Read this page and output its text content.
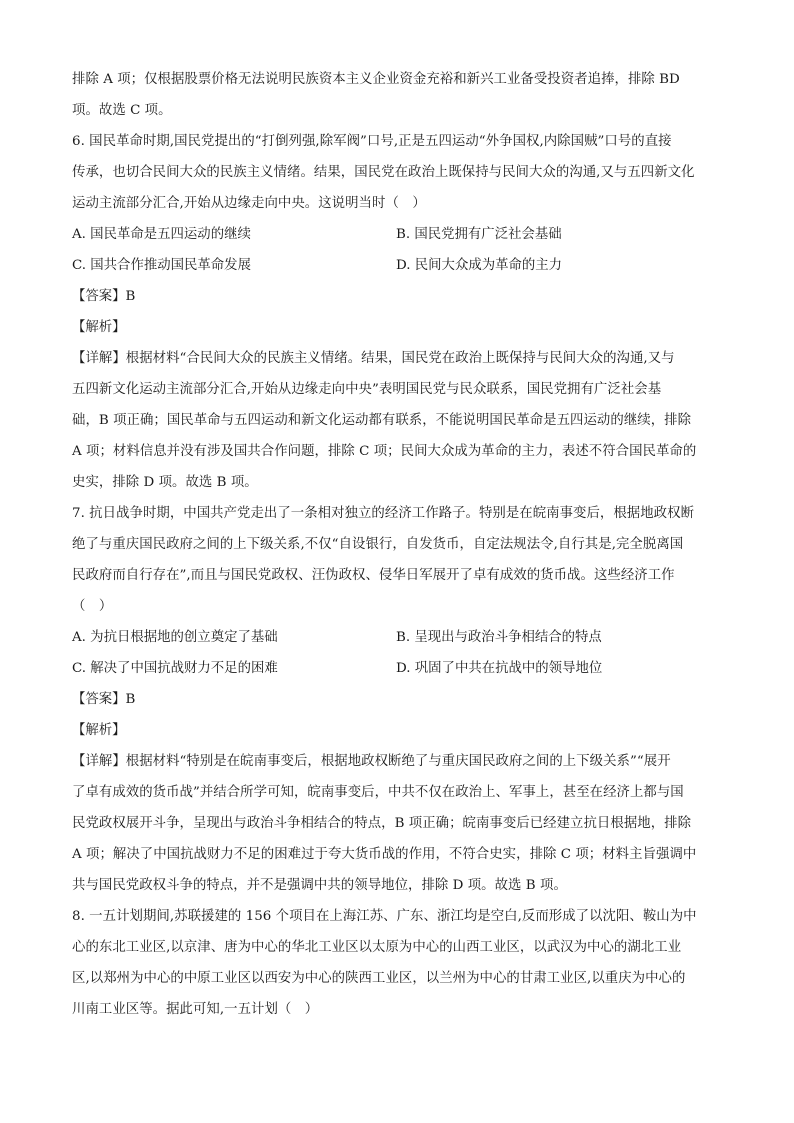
排除 A 项；仅根据股票价格无法说明民族资本主义企业资金充裕和新兴工业备受投资者追捧，排除 BD
项。故选 C 项。
6. 国民革命时期,国民党提出的“打倒列强,除军阀”口号,正是五四运动“外争国权,内除国贼”口号的直接
传承，也切合民间大众的民族主义情绪。结果，国民党在政治上既保持与民间大众的沟通,又与五四新文化
运动主流部分汇合,开始从边缘走向中央。这说明当时（　）
A. 国民革命是五四运动的继续	B. 国民党拥有广泛社会基础
C. 国共合作推动国民革命发展	D. 民间大众成为革命的主力
【答案】B
【解析】
【详解】根据材料“合民间大众的民族主义情绪。结果，国民党在政治上既保持与民间大众的沟通,又与
五四新文化运动主流部分汇合,开始从边缘走向中央”表明国民党与民众联系，国民党拥有广泛社会基
础，B 项正确；国民革命与五四运动和新文化运动都有联系，不能说明国民革命是五四运动的继续，排除
A 项；材料信息并没有涉及国共合作问题，排除 C 项；民间大众成为革命的主力，表述不符合国民革命的
史实，排除 D 项。故选 B 项。
7. 抗日战争时期，中国共产党走出了一条相对独立的经济工作路子。特别是在皖南事变后，根据地政权断
绝了与重庆国民政府之间的上下级关系,不仅“自设银行，自发货币，自定法规法令,自行其是,完全脱离国
民政府而自行存在”,而且与国民党政权、汪伪政权、侵华日军展开了卓有成效的货币战。这些经济工作
（　）
A. 为抗日根据地的创立奠定了基础	B. 呈现出与政治斗争相结合的特点
C. 解决了中国抗战财力不足的困难	D. 巩固了中共在抗战中的领导地位
【答案】B
【解析】
【详解】根据材料“特别是在皖南事变后，根据地政权断绝了与重庆国民政府之间的上下级关系”“展开
了卓有成效的货币战”并结合所学可知，皖南事变后，中共不仅在政治上、军事上，甚至在经济上都与国
民党政权展开斗争，呈现出与政治斗争相结合的特点，B 项正确；皖南事变后已经建立抗日根据地，排除
A 项；解决了中国抗战财力不足的困难过于夸大货币战的作用，不符合史实，排除 C 项；材料主旨强调中
共与国民党政权斗争的特点，并不是强调中共的领导地位，排除 D 项。故选 B 项。
8. 一五计划期间,苏联援建的 156 个项目在上海江苏、广东、浙江均是空白,反而形成了以沈阳、鞍山为中
心的东北工业区,以京津、唐为中心的华北工业区以太原为中心的山西工业区，以武汉为中心的湖北工业
区,以郑州为中心的中原工业区以西安为中心的陕西工业区，以兰州为中心的甘肃工业区,以重庆为中心的
川南工业区等。据此可知,一五计划（　）
